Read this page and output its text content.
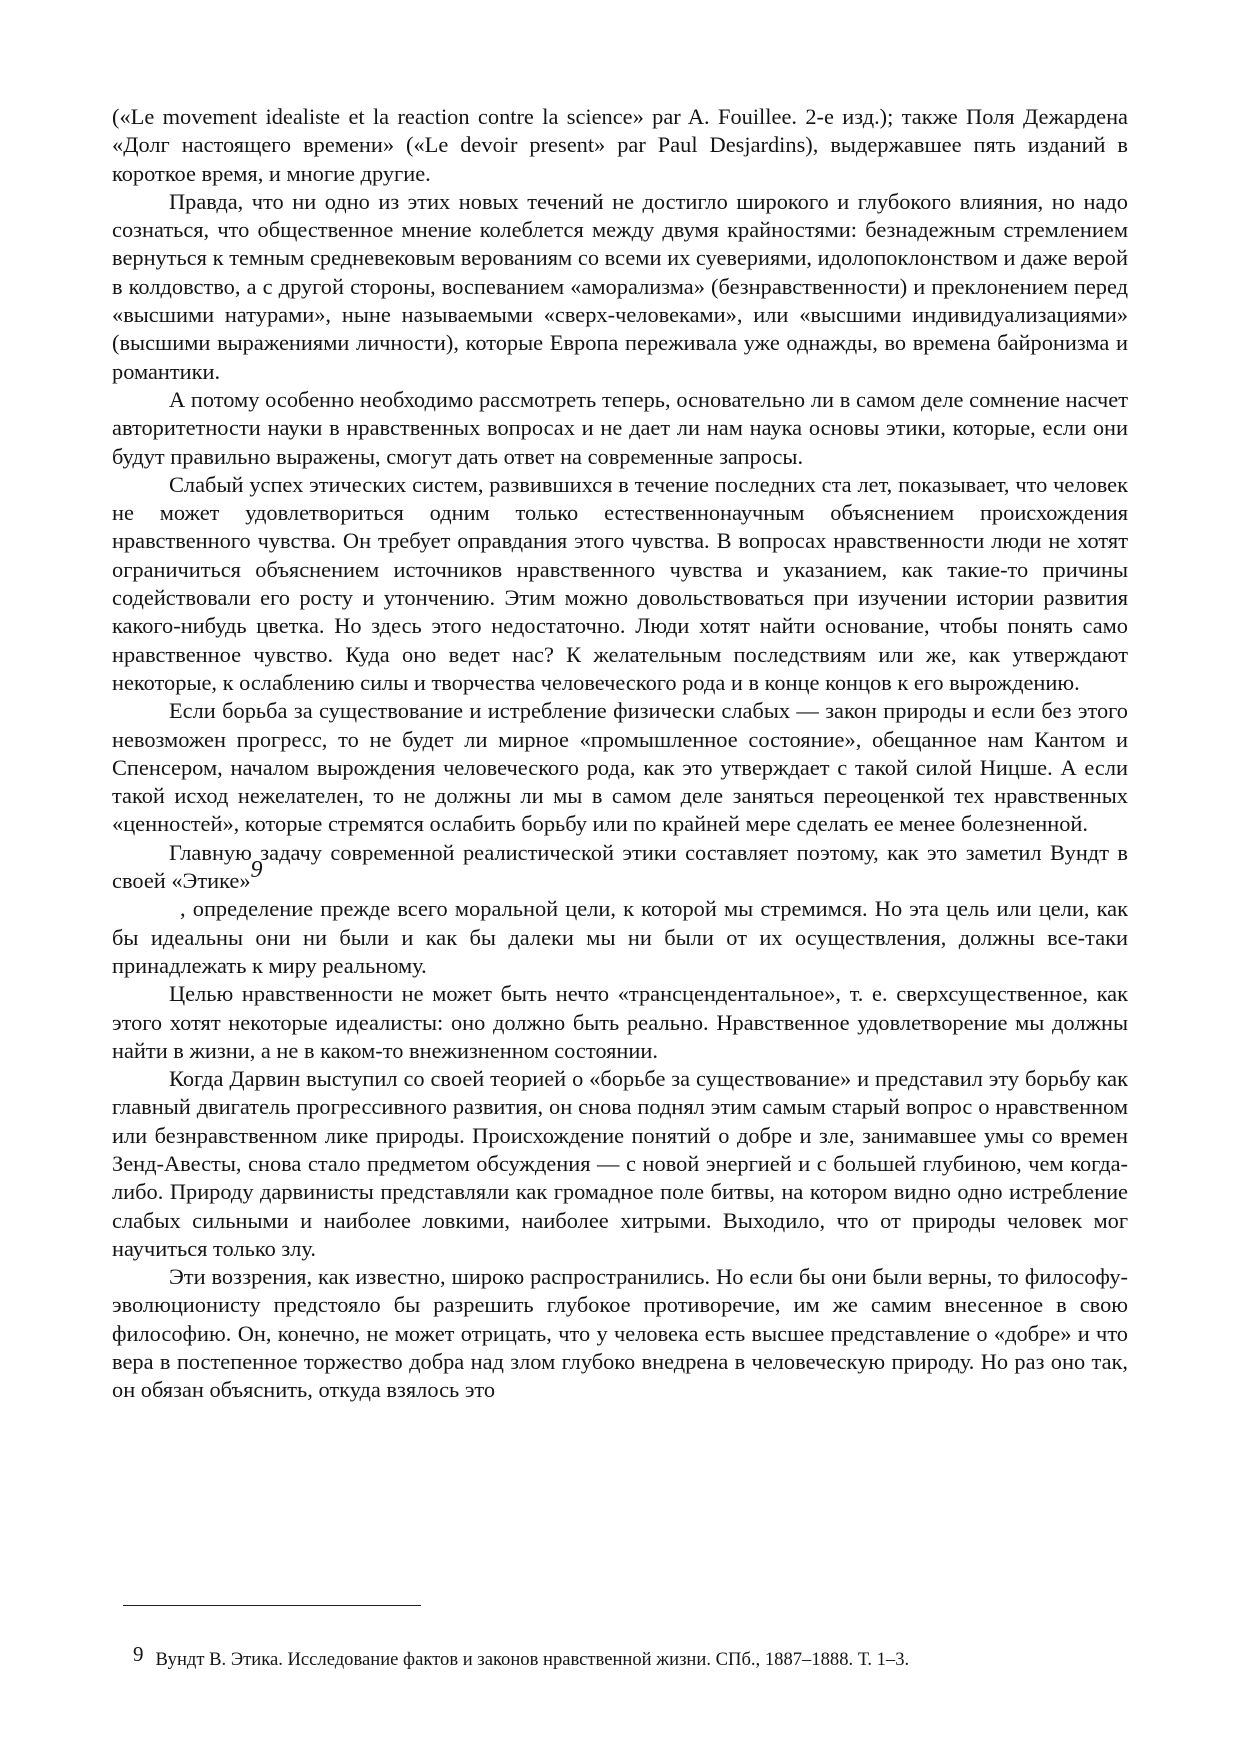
(«Le movement idealiste et la reaction contre la science» par A. Fouillee. 2-е изд.); также Поля Дежардена «Долг настоящего времени» («Le devoir present» par Paul Desjardins), выдержавшее пять изданий в короткое время, и многие другие.

Правда, что ни одно из этих новых течений не достигло широкого и глубокого влияния, но надо сознаться, что общественное мнение колеблется между двумя крайностями: безнадежным стремлением вернуться к темным средневековым верованиям со всеми их суевериями, идолопоклонством и даже верой в колдовство, а с другой стороны, воспеванием «аморализма» (безнравственности) и преклонением перед «высшими натурами», ныне называемыми «сверх-человеками», или «высшими индивидуализациями» (высшими выражениями личности), которые Европа переживала уже однажды, во времена байронизма и романтики.

А потому особенно необходимо рассмотреть теперь, основательно ли в самом деле сомнение насчет авторитетности науки в нравственных вопросах и не дает ли нам наука основы этики, которые, если они будут правильно выражены, смогут дать ответ на современные запросы.

Слабый успех этических систем, развившихся в течение последних ста лет, показывает, что человек не может удовлетвориться одним только естественнонаучным объяснением происхождения нравственного чувства. Он требует оправдания этого чувства. В вопросах нравственности люди не хотят ограничиться объяснением источников нравственного чувства и указанием, как такие-то причины содействовали его росту и утончению. Этим можно довольствоваться при изучении истории развития какого-нибудь цветка. Но здесь этого недостаточно. Люди хотят найти основание, чтобы понять само нравственное чувство. Куда оно ведет нас? К желательным последствиям или же, как утверждают некоторые, к ослаблению силы и творчества человеческого рода и в конце концов к его вырождению.

Если борьба за существование и истребление физически слабых — закон природы и если без этого невозможен прогресс, то не будет ли мирное «промышленное состояние», обещанное нам Кантом и Спенсером, началом вырождения человеческого рода, как это утверждает с такой силой Ницше. А если такой исход нежелателен, то не должны ли мы в самом деле заняться переоценкой тех нравственных «ценностей», которые стремятся ослабить борьбу или по крайней мере сделать ее менее болезненной.

Главную задачу современной реалистической этики составляет поэтому, как это заметил Вундт в своей «Этике»9

, определение прежде всего моральной цели, к которой мы стремимся. Но эта цель или цели, как бы идеальны они ни были и как бы далеки мы ни были от их осуществления, должны все-таки принадлежать к миру реальному.

Целью нравственности не может быть нечто «трансцендентальное», т. е. сверхсущественное, как этого хотят некоторые идеалисты: оно должно быть реально. Нравственное удовлетворение мы должны найти в жизни, а не в каком-то внежизненном состоянии.

Когда Дарвин выступил со своей теорией о «борьбе за существование» и представил эту борьбу как главный двигатель прогрессивного развития, он снова поднял этим самым старый вопрос о нравственном или безнравственном лике природы. Происхождение понятий о добре и зле, занимавшее умы со времен Зенд-Авесты, снова стало предметом обсуждения — с новой энергией и с большей глубиною, чем когда-либо. Природу дарвинисты представляли как громадное поле битвы, на котором видно одно истребление слабых сильными и наиболее ловкими, наиболее хитрыми. Выходило, что от природы человек мог научиться только злу.

Эти воззрения, как известно, широко распространились. Но если бы они были верны, то философу-эволюционисту предстояло бы разрешить глубокое противоречие, им же самим внесенное в свою философию. Он, конечно, не может отрицать, что у человека есть высшее представление о «добре» и что вера в постепенное торжество добра над злом глубоко внедрена в человеческую природу. Но раз оно так, он обязан объяснить, откуда взялось это

9 Вундт В. Этика. Исследование фактов и законов нравственной жизни. СПб., 1887–1888. Т. 1–3.
